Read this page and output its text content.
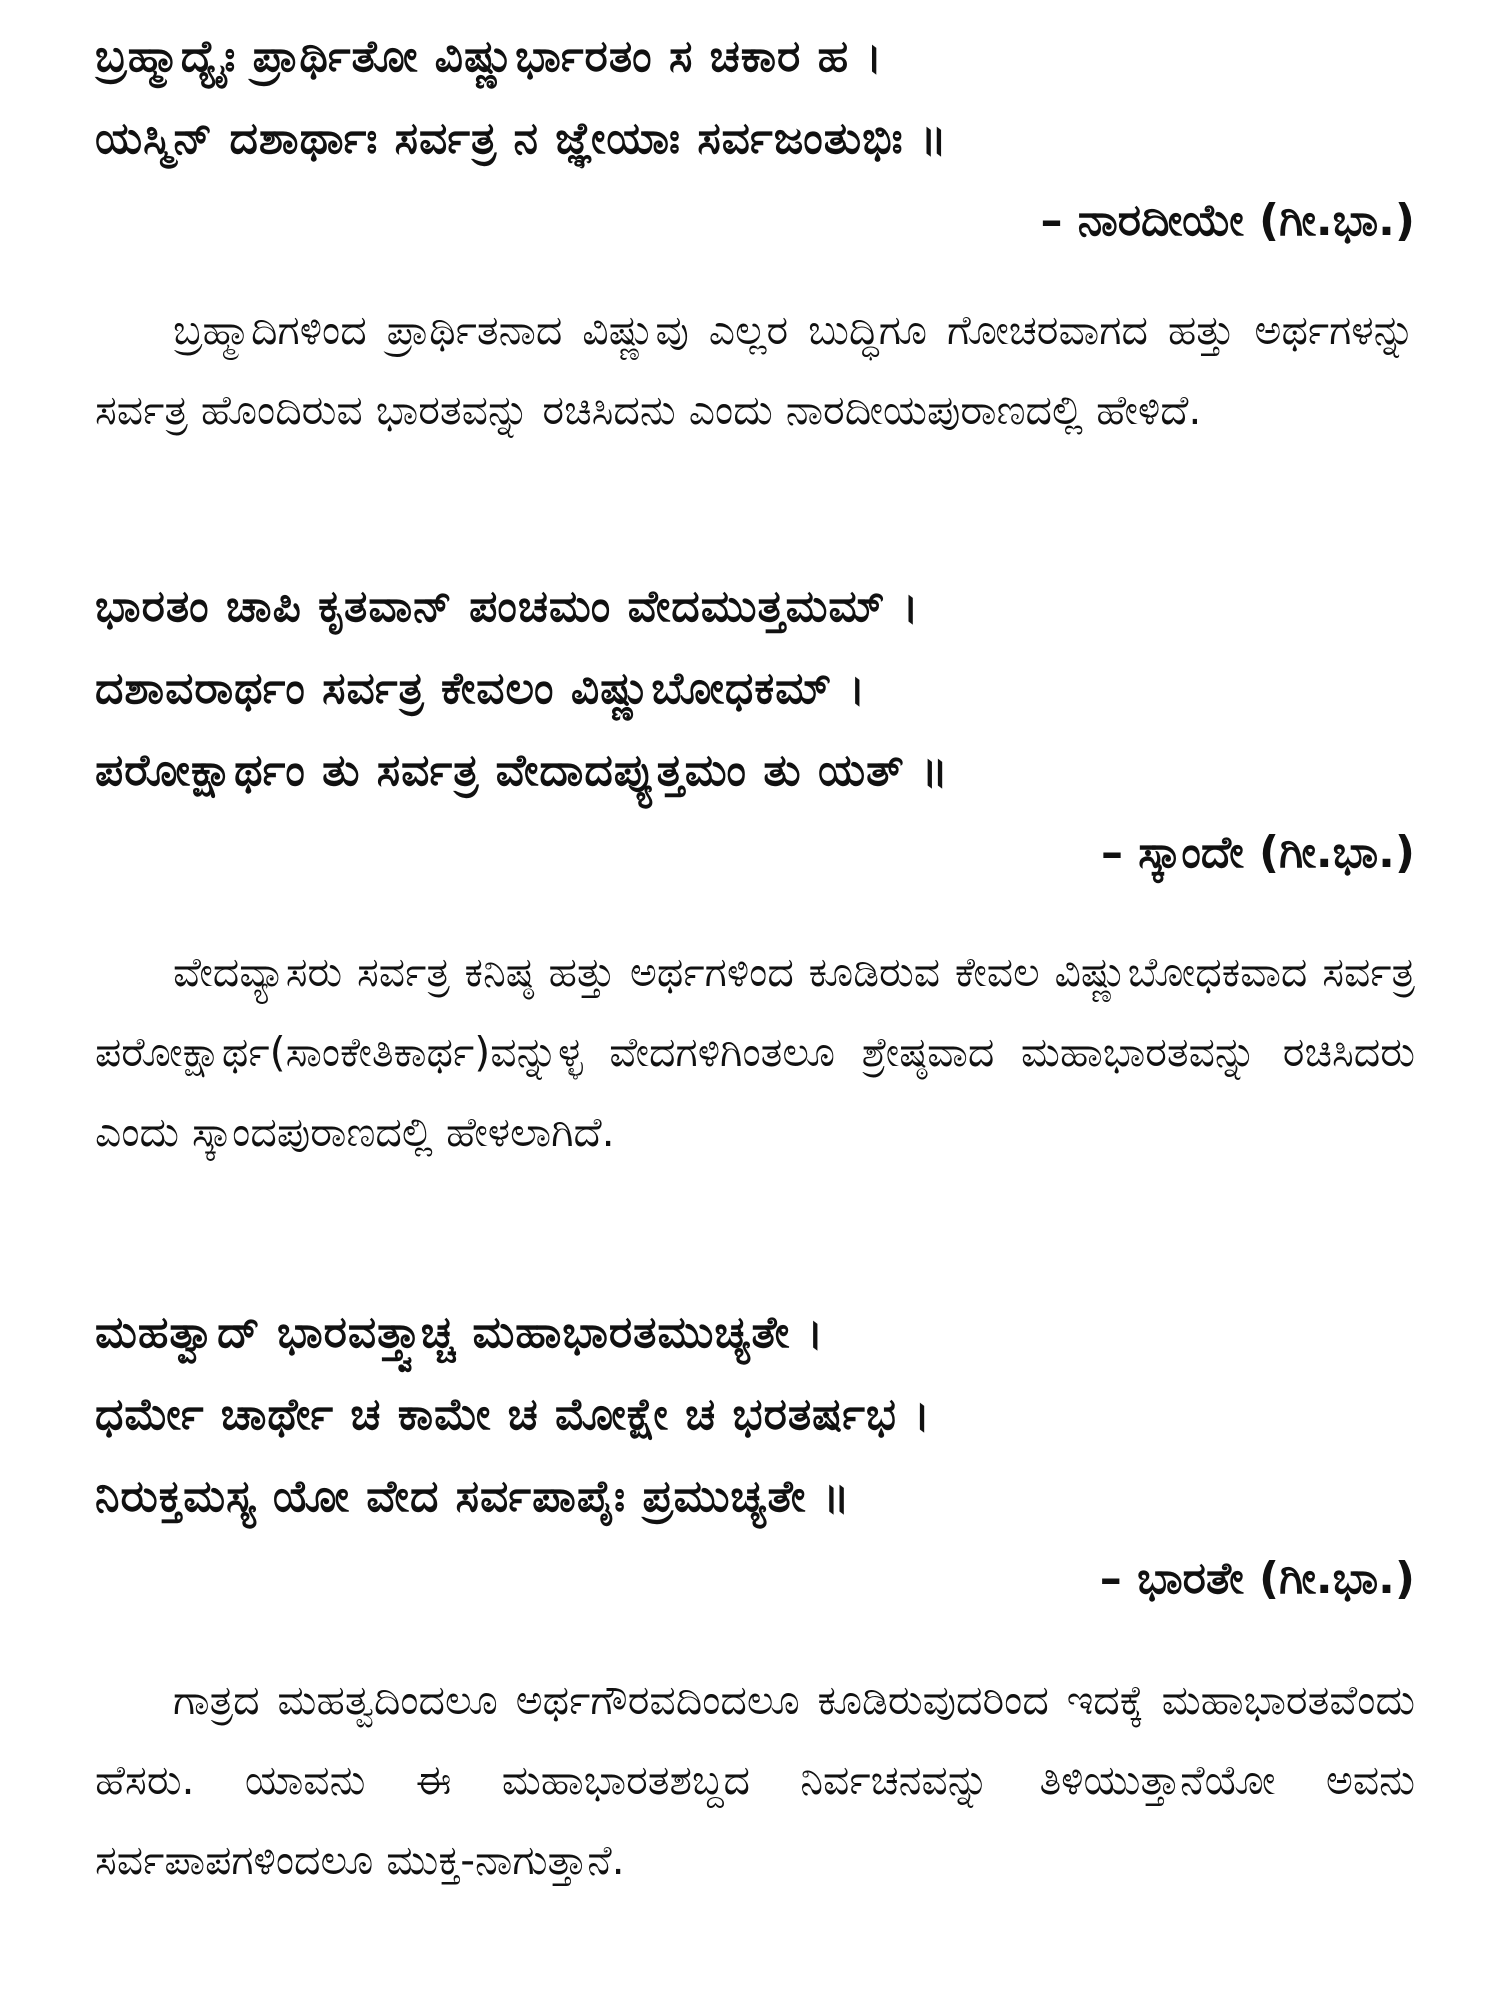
ಬ್ರಹ್ಮಾದ್ಯೈಃ ಪ್ರಾರ್ಥಿತೋ ವಿಷ್ಣುರ್ಭಾರತಂ ಸ ಚಕಾರ ಹ ।
ಯಸ್ಮಿನ್ ದಶಾರ್ಥಾಃ ಸರ್ವತ್ರ ನ ಜ್ಞೇಯಾಃ ಸರ್ವಜಂತುಭಿಃ ॥
– ನಾರದೀಯೇ (ಗೀ.ಭಾ.)

ಬ್ರಹ್ಮಾದಿಗಳಿಂದ ಪ್ರಾರ್ಥಿತನಾದ ವಿಷ್ಣುವು ಎಲ್ಲರ ಬುದ್ಧಿಗೂ ಗೋಚರವಾಗದ ಹತ್ತು ಅರ್ಥಗಳನ್ನು ಸರ್ವತ್ರ ಹೊಂದಿರುವ ಭಾರತವನ್ನು ರಚಿಸಿದನು ಎಂದು ನಾರದೀಯಪುರಾಣದಲ್ಲಿ ಹೇಳಿದೆ.

ಭಾರತಂ ಚಾಪಿ ಕೃತವಾನ್ ಪಂಚಮಂ ವೇದಮುತ್ತಮಮ್ ।
ದಶಾವರಾರ್ಥಂ ಸರ್ವತ್ರ ಕೇವಲಂ ವಿಷ್ಣುಬೋಧಕಮ್ ।
ಪರೋಕ್ಷಾರ್ಥಂ ತು ಸರ್ವತ್ರ ವೇದಾದಪ್ಯುತ್ತಮಂ ತು ಯತ್ ॥
– ಸ್ಕಾಂದೇ (ಗೀ.ಭಾ.)

ವೇದವ್ಯಾಸರು ಸರ್ವತ್ರ ಕನಿಷ್ಠ ಹತ್ತು ಅರ್ಥಗಳಿಂದ ಕೂಡಿರುವ ಕೇವಲ ವಿಷ್ಣುಬೋಧಕವಾದ ಸರ್ವತ್ರ ಪರೋಕ್ಷಾರ್ಥ(ಸಾಂಕೇತಿಕಾರ್ಥ)ವನ್ನುಳ್ಳ ವೇದಗಳಿಗಿಂತಲೂ ಶ್ರೇಷ್ಠವಾದ ಮಹಾಭಾರತವನ್ನು ರಚಿಸಿದರು ಎಂದು ಸ್ಕಾಂದಪುರಾಣದಲ್ಲಿ ಹೇಳಲಾಗಿದೆ.

ಮಹತ್ವಾದ್ ಭಾರವತ್ತ್ವಾಚ್ಚ ಮಹಾಭಾರತಮುಚ್ಯತೇ ।
ಧರ್ಮೇ ಚಾರ್ಥೇ ಚ ಕಾಮೇ ಚ ಮೋಕ್ಷೇ ಚ ಭರತರ್ಷಭ ।
ನಿರುಕ್ತಮಸ್ಯ ಯೋ ವೇದ ಸರ್ವಪಾಪೈಃ ಪ್ರಮುಚ್ಯತೇ ॥
– ಭಾರತೇ (ಗೀ.ಭಾ.)

ಗಾತ್ರದ ಮಹತ್ವದಿಂದಲೂ ಅರ್ಥಗೌರವದಿಂದಲೂ ಕೂಡಿರುವುದರಿಂದ ಇದಕ್ಕೆ ಮಹಾಭಾರತವೆಂದು ಹೆಸರು. ಯಾವನು ಈ ಮಹಾಭಾರತಶಬ್ದದ ನಿರ್ವಚನವನ್ನು ತಿಳಿಯುತ್ತಾನೆಯೋ ಅವನು ಸರ್ವಪಾಪಗಳಿಂದಲೂ ಮುಕ್ತ-ನಾಗುತ್ತಾನೆ.
